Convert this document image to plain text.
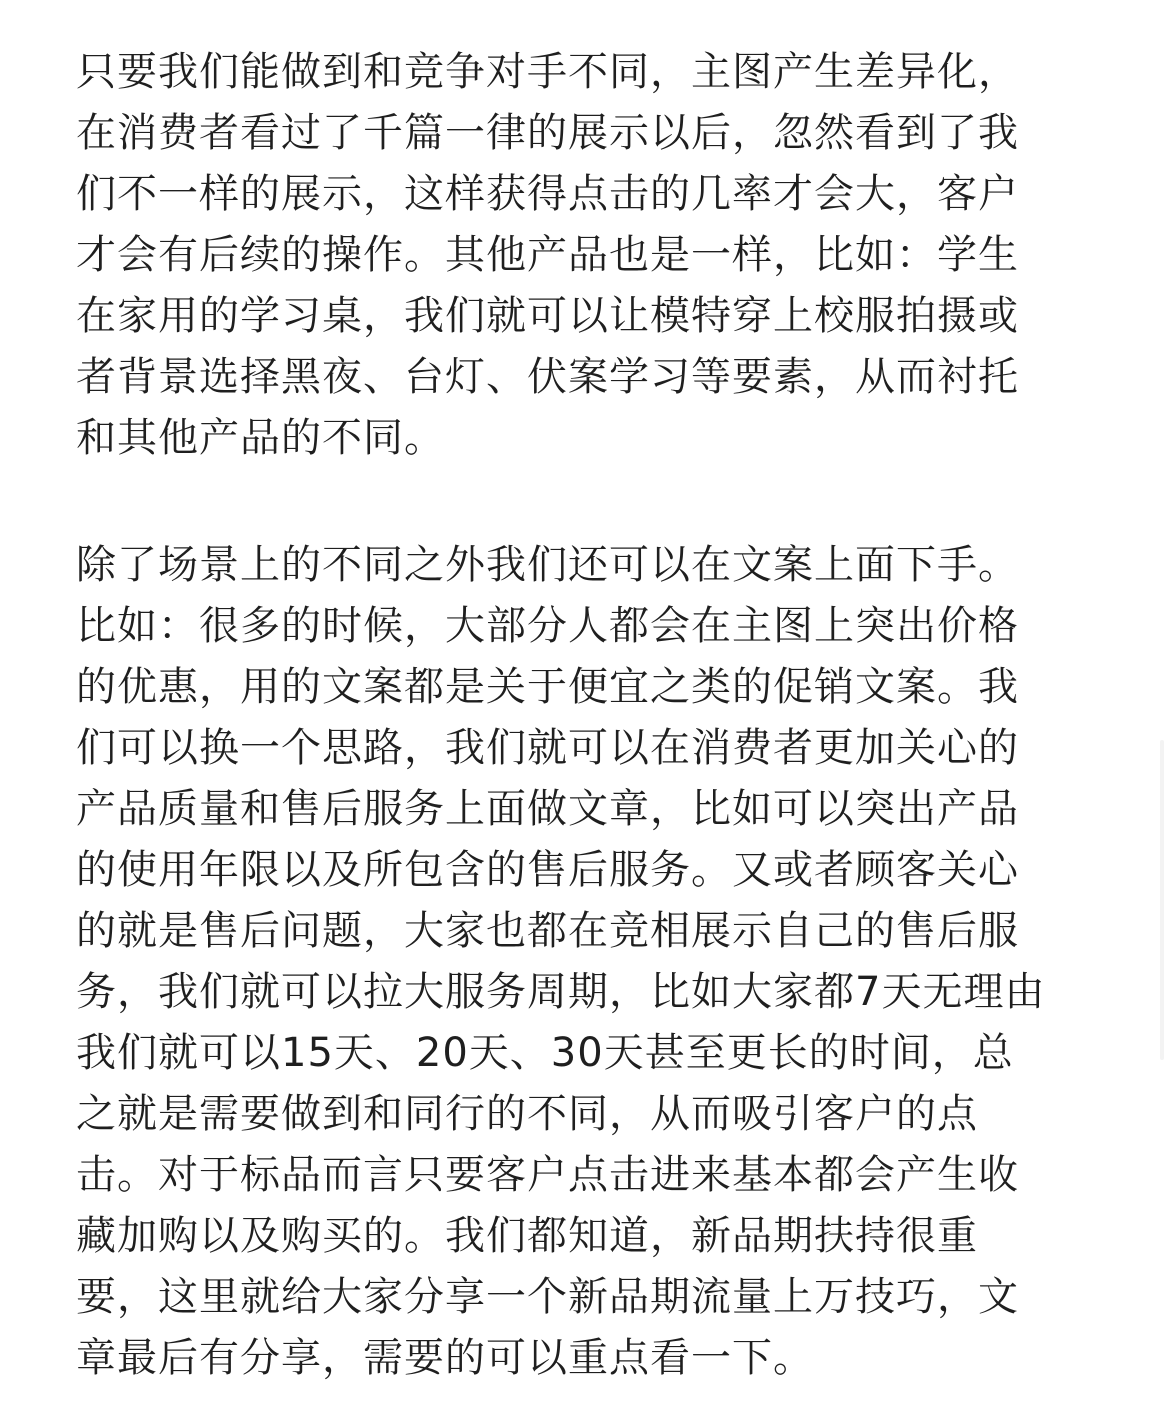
只要我们能做到和竞争对手不同，主图产生差异化，
在消费者看过了千篇一律的展示以后，忽然看到了我
们不一样的展示，这样获得点击的几率才会大，客户
才会有后续的操作。其他产品也是一样，比如：学生
在家用的学习桌，我们就可以让模特穿上校服拍摄或
者背景选择黑夜、台灯、伏案学习等要素，从而衬托
和其他产品的不同。
除了场景上的不同之外我们还可以在文案上面下手。
比如：很多的时候，大部分人都会在主图上突出价格
的优惠，用的文案都是关于便宜之类的促销文案。我
们可以换一个思路，我们就可以在消费者更加关心的
产品质量和售后服务上面做文章，比如可以突出产品
的使用年限以及所包含的售后服务。又或者顾客关心
的就是售后问题，大家也都在竞相展示自己的售后服
务，我们就可以拉大服务周期，比如大家都7天无理由
我们就可以15天、20天、30天甚至更长的时间，总
之就是需要做到和同行的不同，从而吸引客户的点
击。对于标品而言只要客户点击进来基本都会产生收
藏加购以及购买的。我们都知道，新品期扶持很重
要，这里就给大家分享一个新品期流量上万技巧，文
章最后有分享，需要的可以重点看一下。
